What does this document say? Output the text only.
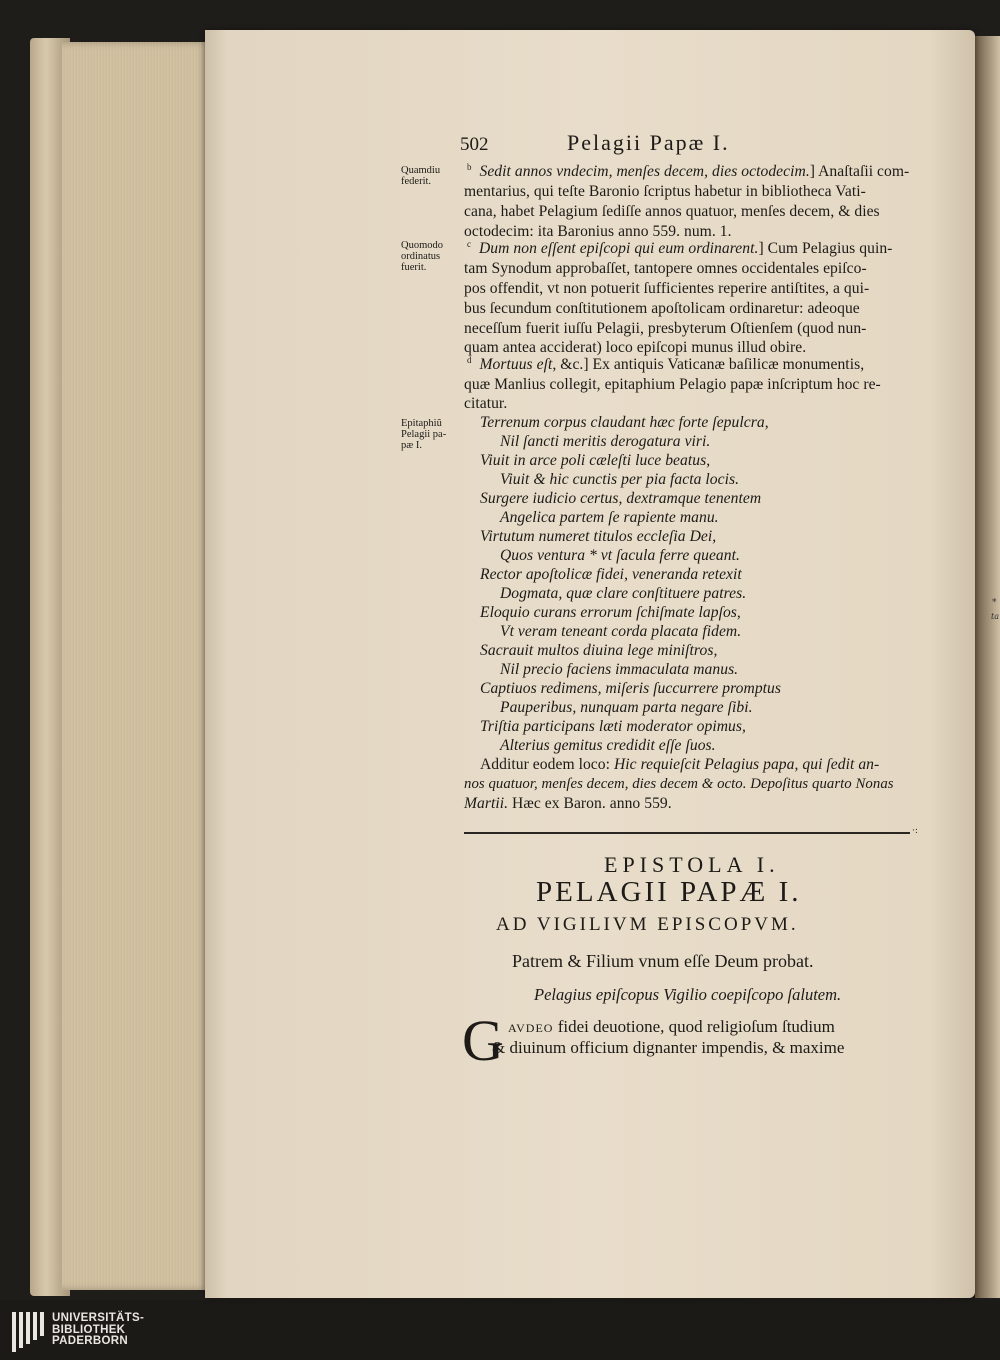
*
ta
502	Pelagii Papæ I.
Quamdiu
federit.
Quomodo
ordinatus
fuerit.
Epitaphiũ
Pelagii pa-
pæ I.
$^b$ Sedit annos vndecim, menſes decem, dies octodecim.] Anaſtaſii com-
mentarius, qui teſte Baronio ſcriptus habetur in bibliotheca Vati-
cana, habet Pelagium ſediſſe annos quatuor, menſes decem, & dies
octodecim: ita Baronius anno 559. num. 1.
$^c$ Dum non eſſent epiſcopi qui eum ordinarent.] Cum Pelagius quin-
tam Synodum approbaſſet, tantopere omnes occidentales epiſco-
pos offendit, vt non potuerit ſufficientes reperire antiſtites, a qui-
bus ſecundum conſtitutionem apoſtolicam ordinaretur: adeoque
neceſſum fuerit iuſſu Pelagii, presbyterum Oſtienſem (quod nun-
quam antea acciderat) loco epiſcopi munus illud obire.
$^d$ Mortuus eſt, &c.] Ex antiquis Vaticanæ baſilicæ monumentis,
quæ Manlius collegit, epitaphium Pelagio papæ inſcriptum hoc re-
citatur.
Terrenum corpus claudant hæc forte ſepulcra,
Nil ſancti meritis derogatura viri.
Viuit in arce poli cæleſti luce beatus,
Viuit & hic cunctis per pia facta locis.
Surgere iudicio certus, dextramque tenentem
Angelica partem ſe rapiente manu.
Virtutum numeret titulos eccleſia Dei,
Quos ventura * vt ſacula ferre queant.
Rector apoſtolicæ fidei, veneranda retexit
Dogmata, quæ clare conſtituere patres.
Eloquio curans errorum ſchiſmate lapſos,
Vt veram teneant corda placata fidem.
Sacrauit multos diuina lege miniſtros,
Nil precio faciens immaculata manus.
Captiuos redimens, miſeris ſuccurrere promptus
Pauperibus, nunquam parta negare ſibi.
Triſtia participans læti moderator opimus,
Alterius gemitus credidit eſſe ſuos.
Additur eodem loco: Hic requieſcit Pelagius papa, qui ſedit an-
nos quatuor, menſes decem, dies decem & octo. Depoſitus quarto Nonas
Martii. Hæc ex Baron. anno 559.
·:
EPISTOLA I.
PELAGII PAPÆ I.
AD VIGILIVM EPISCOPVM.
Patrem & Filium vnum eſſe Deum probat.
Pelagius epiſcopus Vigilio coepiſcopo ſalutem.
G AVDEO fidei deuotione, quod religioſum ſtudium
& diuinum officium dignanter impendis, & maxime
UNIVERSITÄTS-
BIBLIOTHEK
PADERBORN
